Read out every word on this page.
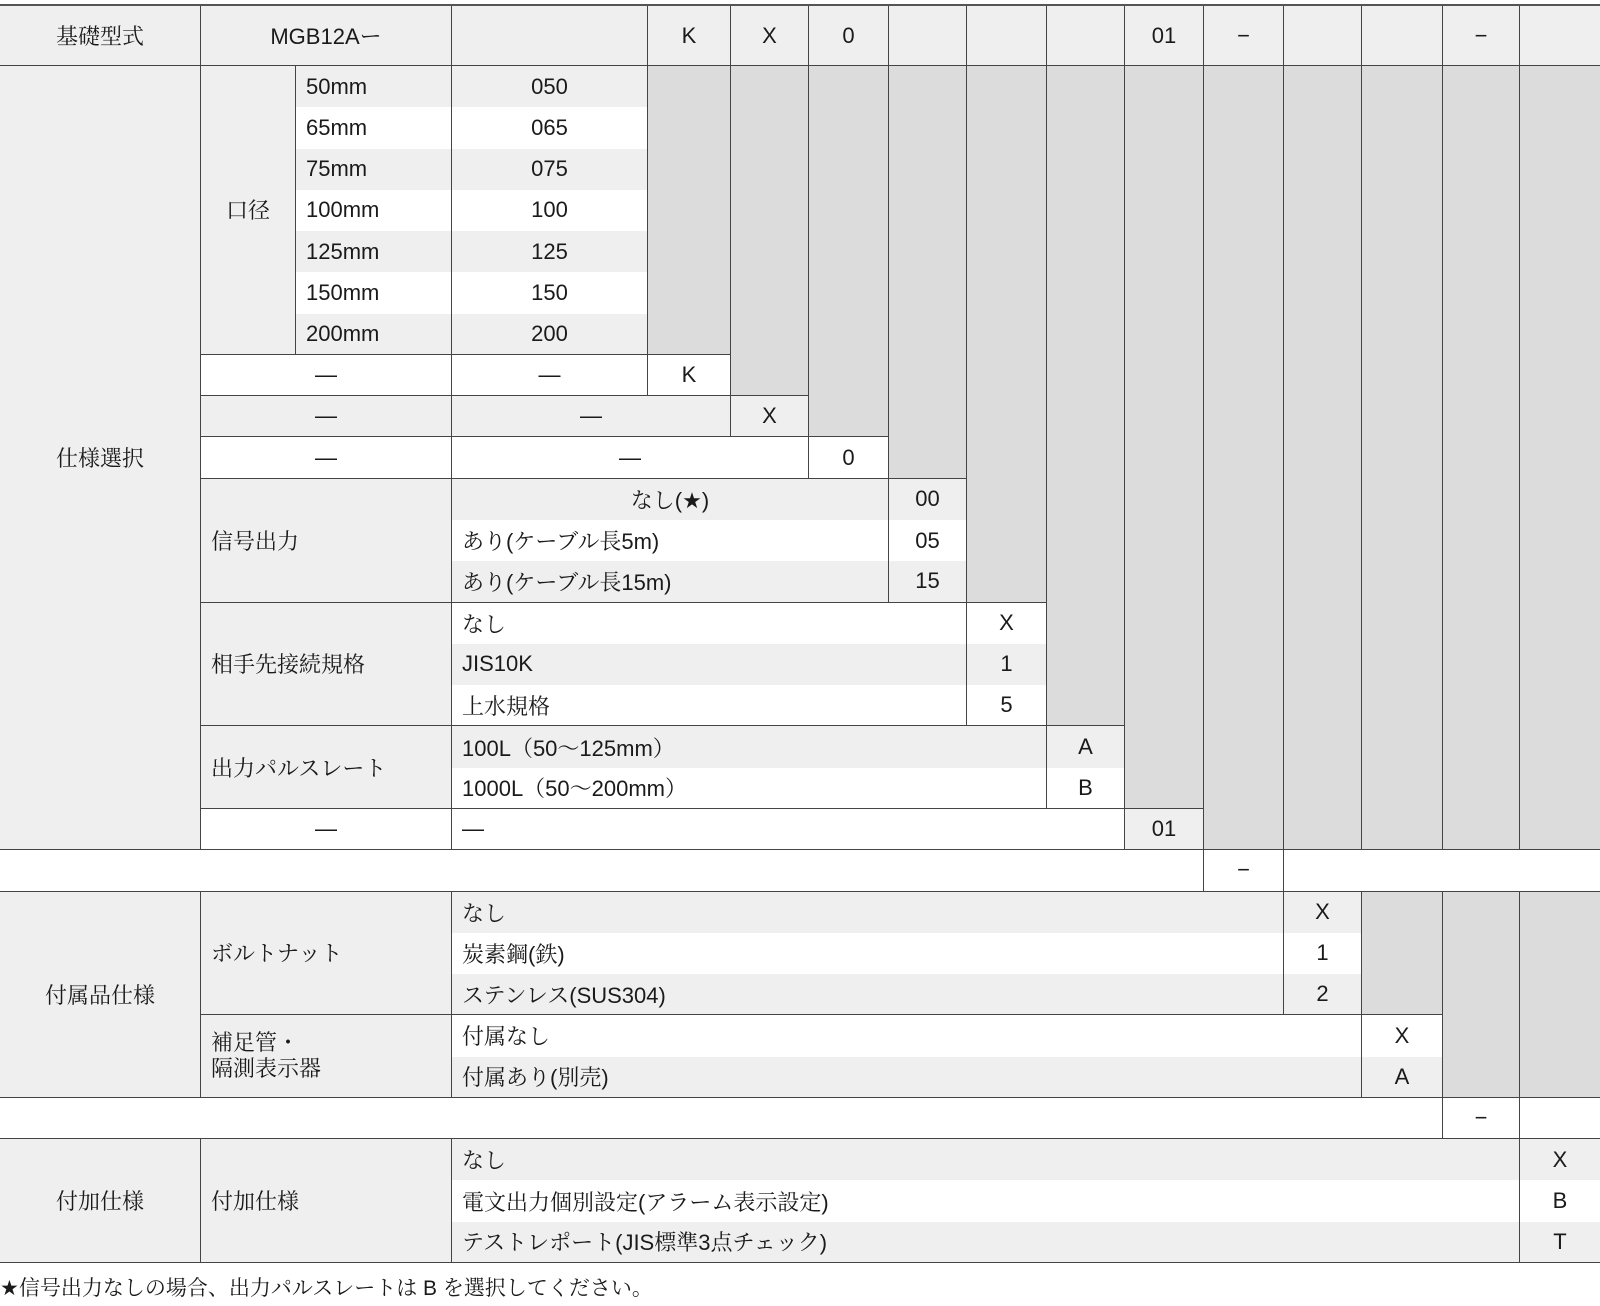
基礎型式	MGB12Aー	K	X	0	01	−	−
仕様選択
口径
50mm	050
65mm	065
75mm	075
100mm	100
125mm	125
150mm	150
200mm	200
—	—	K
—	—	X
—	—	0
信号出力
なし(★)	00
あり(ケーブル長5m)	05
あり(ケーブル長15m)	15
相手先接続規格
なし	X
JIS10K	1
上水規格	5
出力パルスレート
100L（50〜125mm）	A
1000L（50〜200mm）	B
—	—	01
−
付属品仕様
ボルトナット
なし	X
炭素鋼(鉄)	1
ステンレス(SUS304)	2
補足管・
隔測表示器
付属なし	X
付属あり(別売)	A
−
付加仕様	付加仕様
なし	X
電文出力個別設定(アラーム表示設定)	B
テストレポート(JIS標準3点チェック)	T
★信号出力なしの場合、出力パルスレートは B を選択してください。
